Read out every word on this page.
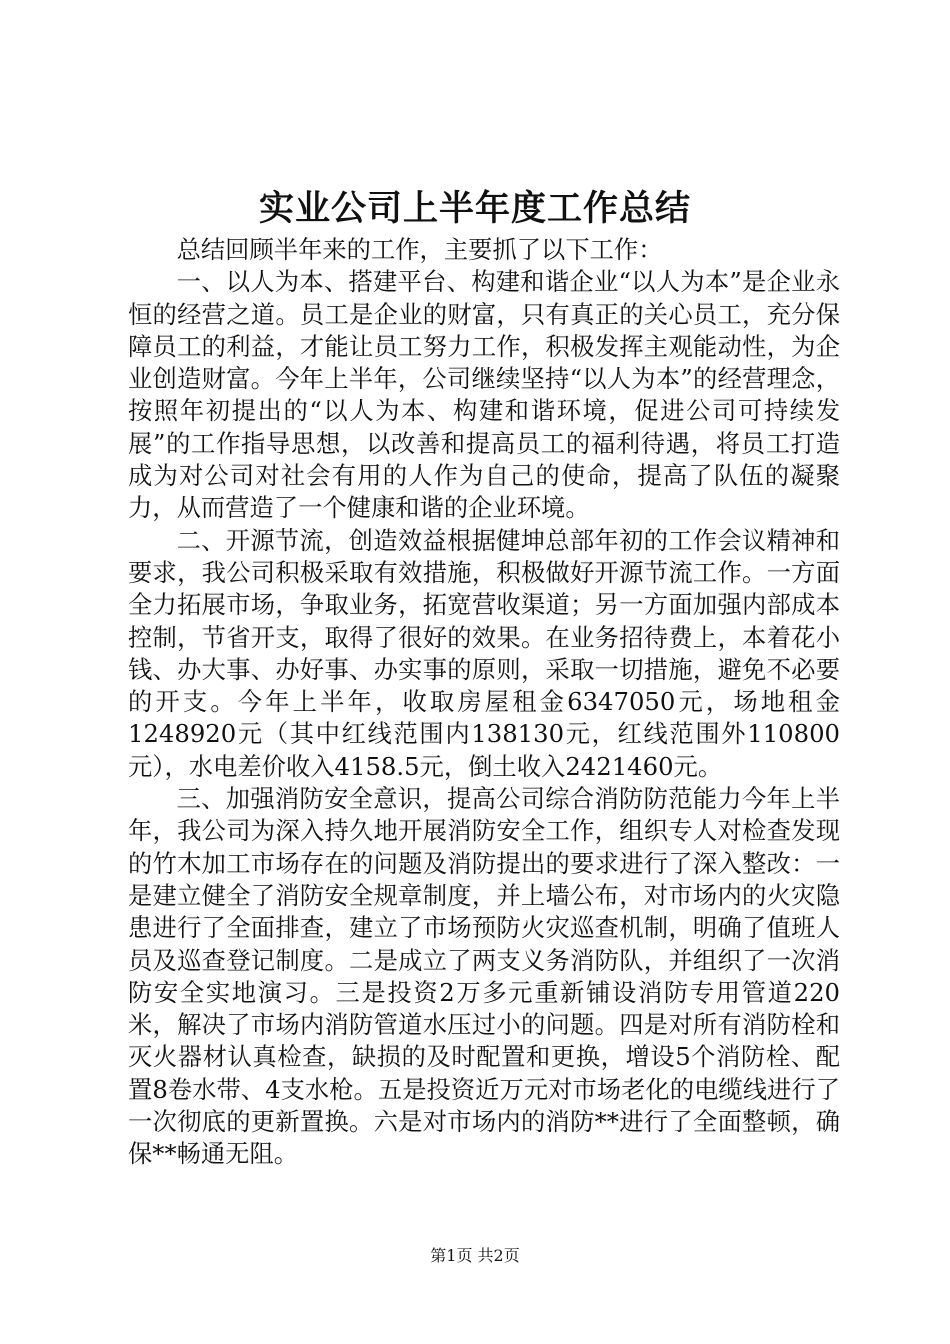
实业公司上半年度工作总结

总结回顾半年来的工作，主要抓了以下工作：

一、以人为本、搭建平台、构建和谐企业“以人为本”是企业永恒的经营之道。员工是企业的财富，只有真正的关心员工，充分保障员工的利益，才能让员工努力工作，积极发挥主观能动性，为企业创造财富。今年上半年，公司继续坚持“以人为本”的经营理念，按照年初提出的“以人为本、构建和谐环境，促进公司可持续发展”的工作指导思想，以改善和提高员工的福利待遇，将员工打造成为对公司对社会有用的人作为自己的使命，提高了队伍的凝聚力，从而营造了一个健康和谐的企业环境。

二、开源节流，创造效益根据健坤总部年初的工作会议精神和要求，我公司积极采取有效措施，积极做好开源节流工作。一方面全力拓展市场，争取业务，拓宽营收渠道；另一方面加强内部成本控制，节省开支，取得了很好的效果。在业务招待费上，本着花小钱、办大事、办好事、办实事的原则，采取一切措施，避免不必要的开支。今年上半年，收取房屋租金6347050元，场地租金1248920元（其中红线范围内138130元，红线范围外110800元），水电差价收入4158.5元，倒土收入2421460元。

三、加强消防安全意识，提高公司综合消防防范能力今年上半年，我公司为深入持久地开展消防安全工作，组织专人对检查发现的竹木加工市场存在的问题及消防提出的要求进行了深入整改：一是建立健全了消防安全规章制度，并上墙公布，对市场内的火灾隐患进行了全面排查，建立了市场预防火灾巡查机制，明确了值班人员及巡查登记制度。二是成立了两支义务消防队，并组织了一次消防安全实地演习。三是投资2万多元重新铺设消防专用管道220米，解决了市场内消防管道水压过小的问题。四是对所有消防栓和灭火器材认真检查，缺损的及时配置和更换，增设5个消防栓、配置8卷水带、4支水枪。五是投资近万元对市场老化的电缆线进行了一次彻底的更新置换。六是对市场内的消防**进行了全面整顿，确保**畅通无阻。

第1页 共2页
